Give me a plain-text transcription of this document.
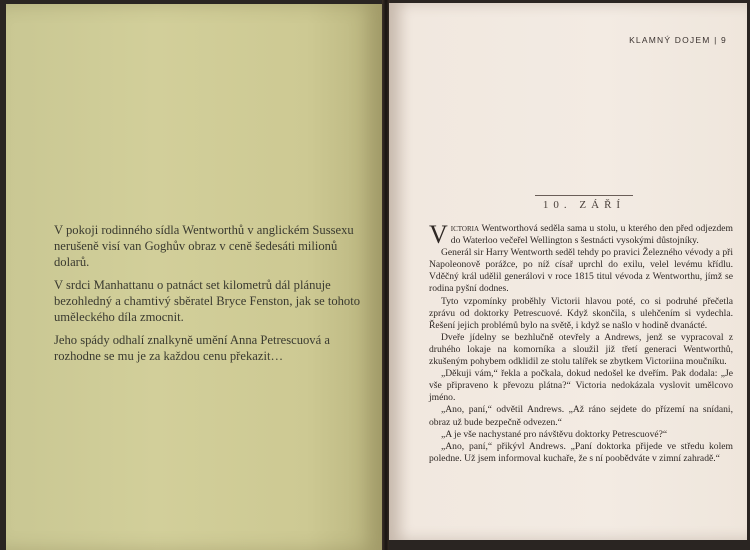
V pokoji rodinného sídla Wentworthů v anglickém Sussexu nerušeně visí van Goghův obraz v ceně šedesáti milionů dolarů.

V srdci Manhattanu o patnáct set kilometrů dál plánuje bezohledný a chamtivý sběratel Bryce Fenston, jak se tohoto uměleckého díla zmocnit.

Jeho spády odhalí znalkyně umění Anna Petrescuová a rozhodne se mu je za každou cenu překazit…

KLAMNÝ DOJEM | 9
10. ZÁŘÍ

Victoria Wentworthová seděla sama u stolu, u kterého den před odjezdem do Waterloo večeřel Wellington s šestnácti vysokými důstojníky.

Generál sir Harry Wentworth seděl tehdy po pravici Železného vévody a při Napoleonově porážce, po níž císař uprchl do exilu, velel levému křídlu. Vděčný král udělil generálovi v roce 1815 titul vévoda z Wentworthu, jímž se rodina pyšní dodnes.

Tyto vzpomínky proběhly Victorii hlavou poté, co si podruhé přečetla zprávu od doktorky Petrescuové. Když skončila, s ulehčením si vydechla. Řešení jejich problémů bylo na světě, i když se našlo v hodině dvanácté.

Dveře jídelny se bezhlučně otevřely a Andrews, jenž se vypracoval z druhého lokaje na komorníka a sloužil již třetí generaci Wentworthů, zkušeným pohybem odklidil ze stolu talířek se zbytkem Victoriina moučníku.

„Děkuji vám,“ řekla a počkala, dokud nedošel ke dveřím. Pak dodala: „Je vše připraveno k převozu plátna?“ Victoria nedokázala vyslovit umělcovo jméno.

„Ano, paní,“ odvětil Andrews. „Až ráno sejdete do přízemí na snídani, obraz už bude bezpečně odvezen.“

„A je vše nachystané pro návštěvu doktorky Petrescuové?“

„Ano, paní,“ přikývl Andrews. „Paní doktorka přijede ve středu kolem poledne. Už jsem informoval kuchaře, že s ní poobědváte v zimní zahradě.“
